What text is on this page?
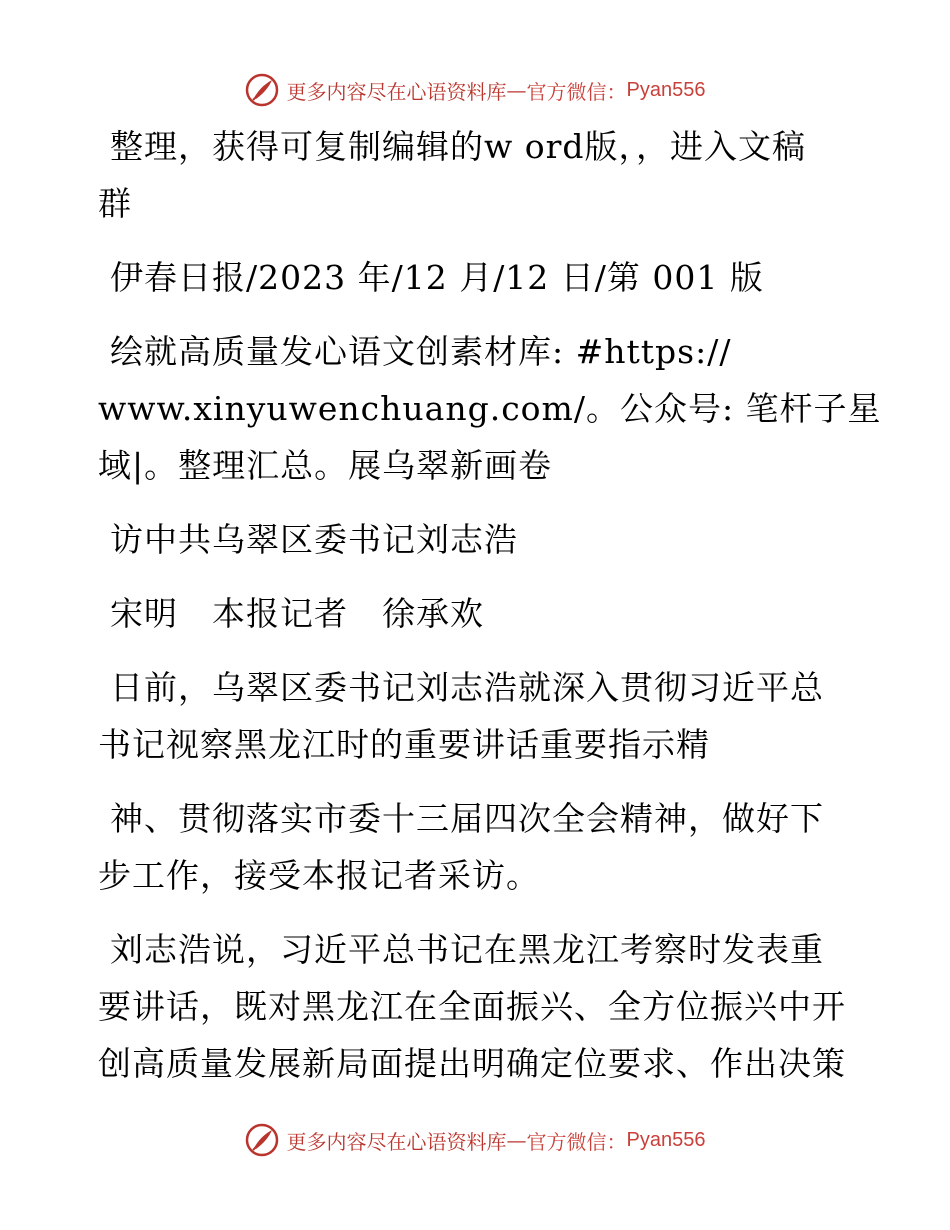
更多内容尽在心语资料库 — 官方微信： Pyan556
整理，获得可复制编辑的w ord版，，进入文稿
群
伊春日报/2023 年/12 月/12 日/第 001 版
绘就高质量发心语文创素材库: #https://
www.xinyuwenchuang.com/。公众号: 笔杆子星
域|。整理汇总。展乌翠新画卷
访中共乌翠区委书记刘志浩
宋明　本报记者　徐承欢
日前，乌翠区委书记刘志浩就深入贯彻习近平总
书记视察黑龙江时的重要讲话重要指示精
神、贯彻落实市委十三届四次全会精神，做好下
步工作，接受本报记者采访。
刘志浩说，习近平总书记在黑龙江考察时发表重
要讲话，既对黑龙江在全面振兴、全方位振兴中开
创高质量发展新局面提出明确定位要求、作出决策
更多内容尽在心语资料库 — 官方微信： Pyan556
